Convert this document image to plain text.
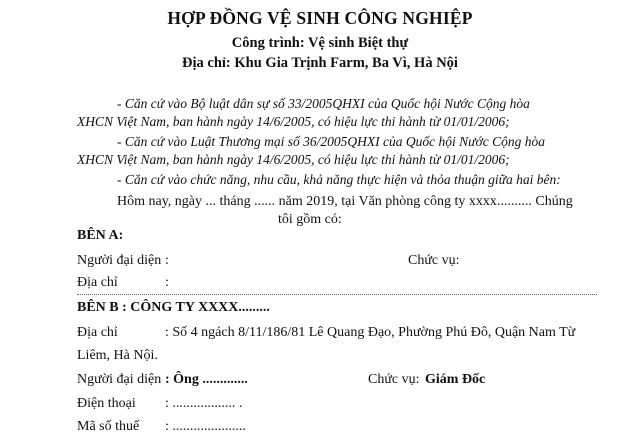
HỢP ĐỒNG VỆ SINH CÔNG NGHIỆP
Công trình: Vệ sinh Biệt thự
Địa chỉ: Khu Gia Trịnh Farm, Ba Vì, Hà Nội
- Căn cứ vào Bộ luật dân sự số 33/2005QHXI của Quốc hội Nước Cộng hòa
XHCN Việt Nam, ban hành ngày 14/6/2005, có hiệu lực thi hành từ 01/01/2006;
- Căn cứ vào Luật Thương mại số 36/2005QHXI của Quốc hội Nước Cộng hòa
XHCN Việt Nam, ban hành ngày 14/6/2005, có hiệu lực thi hành từ 01/01/2006;
- Căn cứ vào chức năng, nhu cầu, khả năng thực hiện và thỏa thuận giữa hai bên:
Hôm nay, ngày ... tháng ...... năm 2019, tại Văn phòng công ty xxxx.......... Chúng
tôi gồm có:
BÊN A:
Người đại diện :	Chức vụ:
Địa chỉ	:
BÊN B : CÔNG TY XXXX.........
Địa chỉ	: Số 4 ngách 8/11/186/81 Lê Quang Đạo, Phường Phú Đô, Quận Nam Từ
Liêm, Hà Nội.
Người đại diện : Ông .............	Chức vụ: Giám Đốc
Điện thoại : .................. .
Mã số thuế : .....................
